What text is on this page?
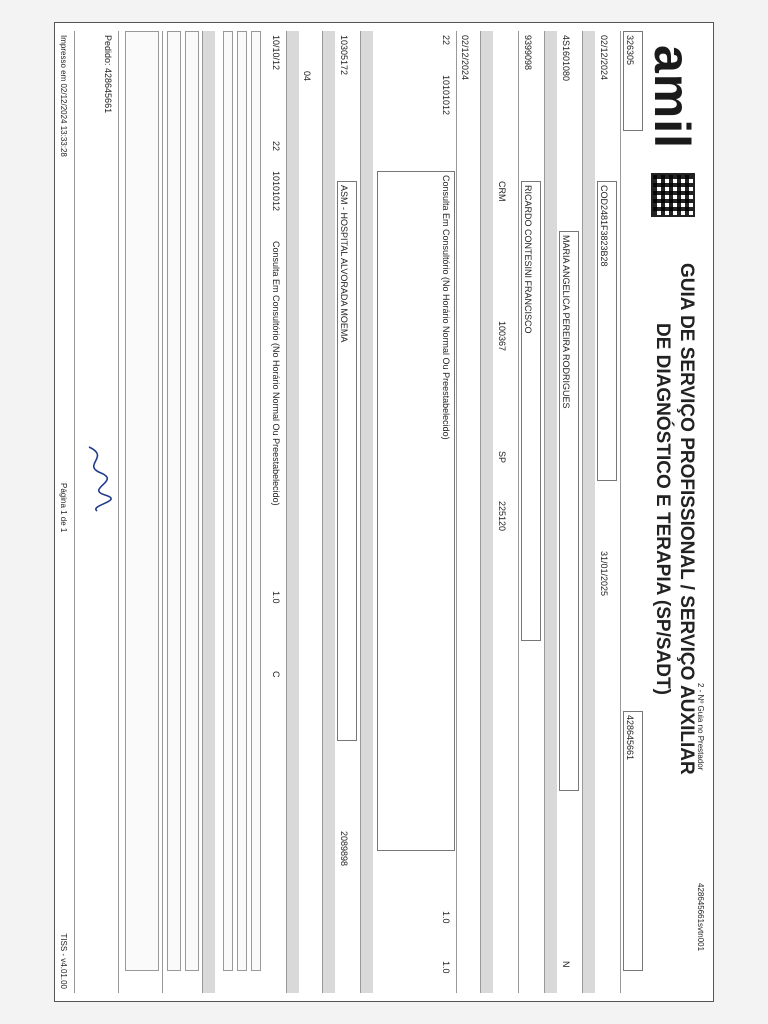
amil
GUIA DE SERVIÇO PROFISSIONAL / SERVIÇO AUXILIAR
DE DIAGNÓSTICO E TERAPIA (SP/SADT)
2 - Nº Guia no Prestador
428645661svtn001
326305
428645661
02/12/2024
COD2481F3823B28
31/01/2025
4S1601080
MARIA ANGELICA PEREIRA RODRIGUES
N
9399098
RICARDO CONTESINI FRANCISCO
CRM
100367
SP
225120
02/12/2024
22
10101012
Consulta Em Consultório (No Horário Normal Ou Preestabelecido)
1.0
1.0
10305172
ASM - HOSPITAL ALVORADA MOEMA
2089898
04
10/10/12
22
10101012
Consulta Em Consultório (No Horário Normal Ou Preestabelecido)
1.0
C
Pedido: 428645661
Impresso em 02/12/2024 13:33:28
Página 1 de 1
TISS - v4.01.00
